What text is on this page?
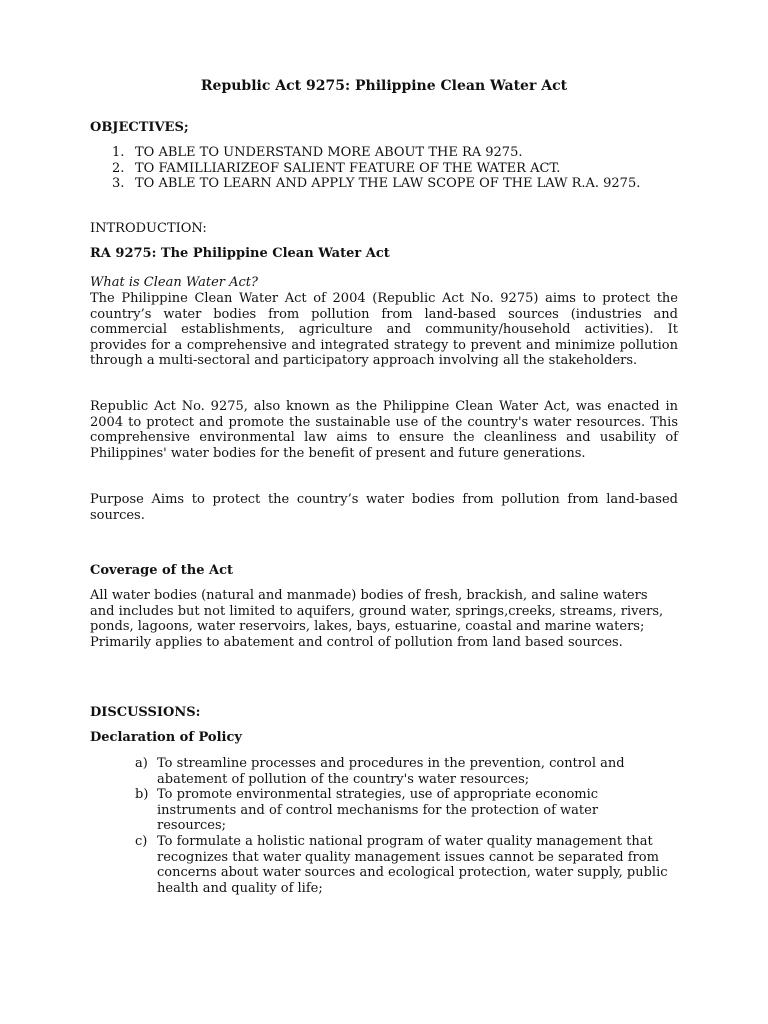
Republic Act 9275: Philippine Clean Water Act
OBJECTIVES;
1. TO ABLE TO UNDERSTAND MORE ABOUT THE RA 9275.
2. TO FAMILLIARIZEOF SALIENT FEATURE OF THE WATER ACT.
3. TO ABLE TO LEARN AND APPLY THE LAW SCOPE OF THE LAW R.A. 9275.
INTRODUCTION:
RA 9275: The Philippine Clean Water Act
What is Clean Water Act?

The Philippine Clean Water Act of 2004 (Republic Act No. 9275) aims to protect the country’s water bodies from pollution from land-based sources (industries and commercial establishments, agriculture and community/household activities). It provides for a comprehensive and integrated strategy to prevent and minimize pollution through a multi-sectoral and participatory approach involving all the stakeholders.

Republic Act No. 9275, also known as the Philippine Clean Water Act, was enacted in 2004 to protect and promote the sustainable use of the country's water resources. This comprehensive environmental law aims to ensure the cleanliness and usability of Philippines' water bodies for the benefit of present and future generations.

Purpose Aims to protect the country’s water bodies from pollution from land-based sources.

Coverage of the Act

All water bodies (natural and manmade) bodies of fresh, brackish, and saline waters and includes but not limited to aquifers, ground water, springs,creeks, streams, rivers, ponds, lagoons, water reservoirs, lakes, bays, estuarine, coastal and marine waters; Primarily applies to abatement and control of pollution from land based sources.

DISCUSSIONS:
Declaration of Policy
a) To streamline processes and procedures in the prevention, control and abatement of pollution of the country's water resources;
b) To promote environmental strategies, use of appropriate economic instruments and of control mechanisms for the protection of water resources;
c) To formulate a holistic national program of water quality management that recognizes that water quality management issues cannot be separated from concerns about water sources and ecological protection, water supply, public health and quality of life;
